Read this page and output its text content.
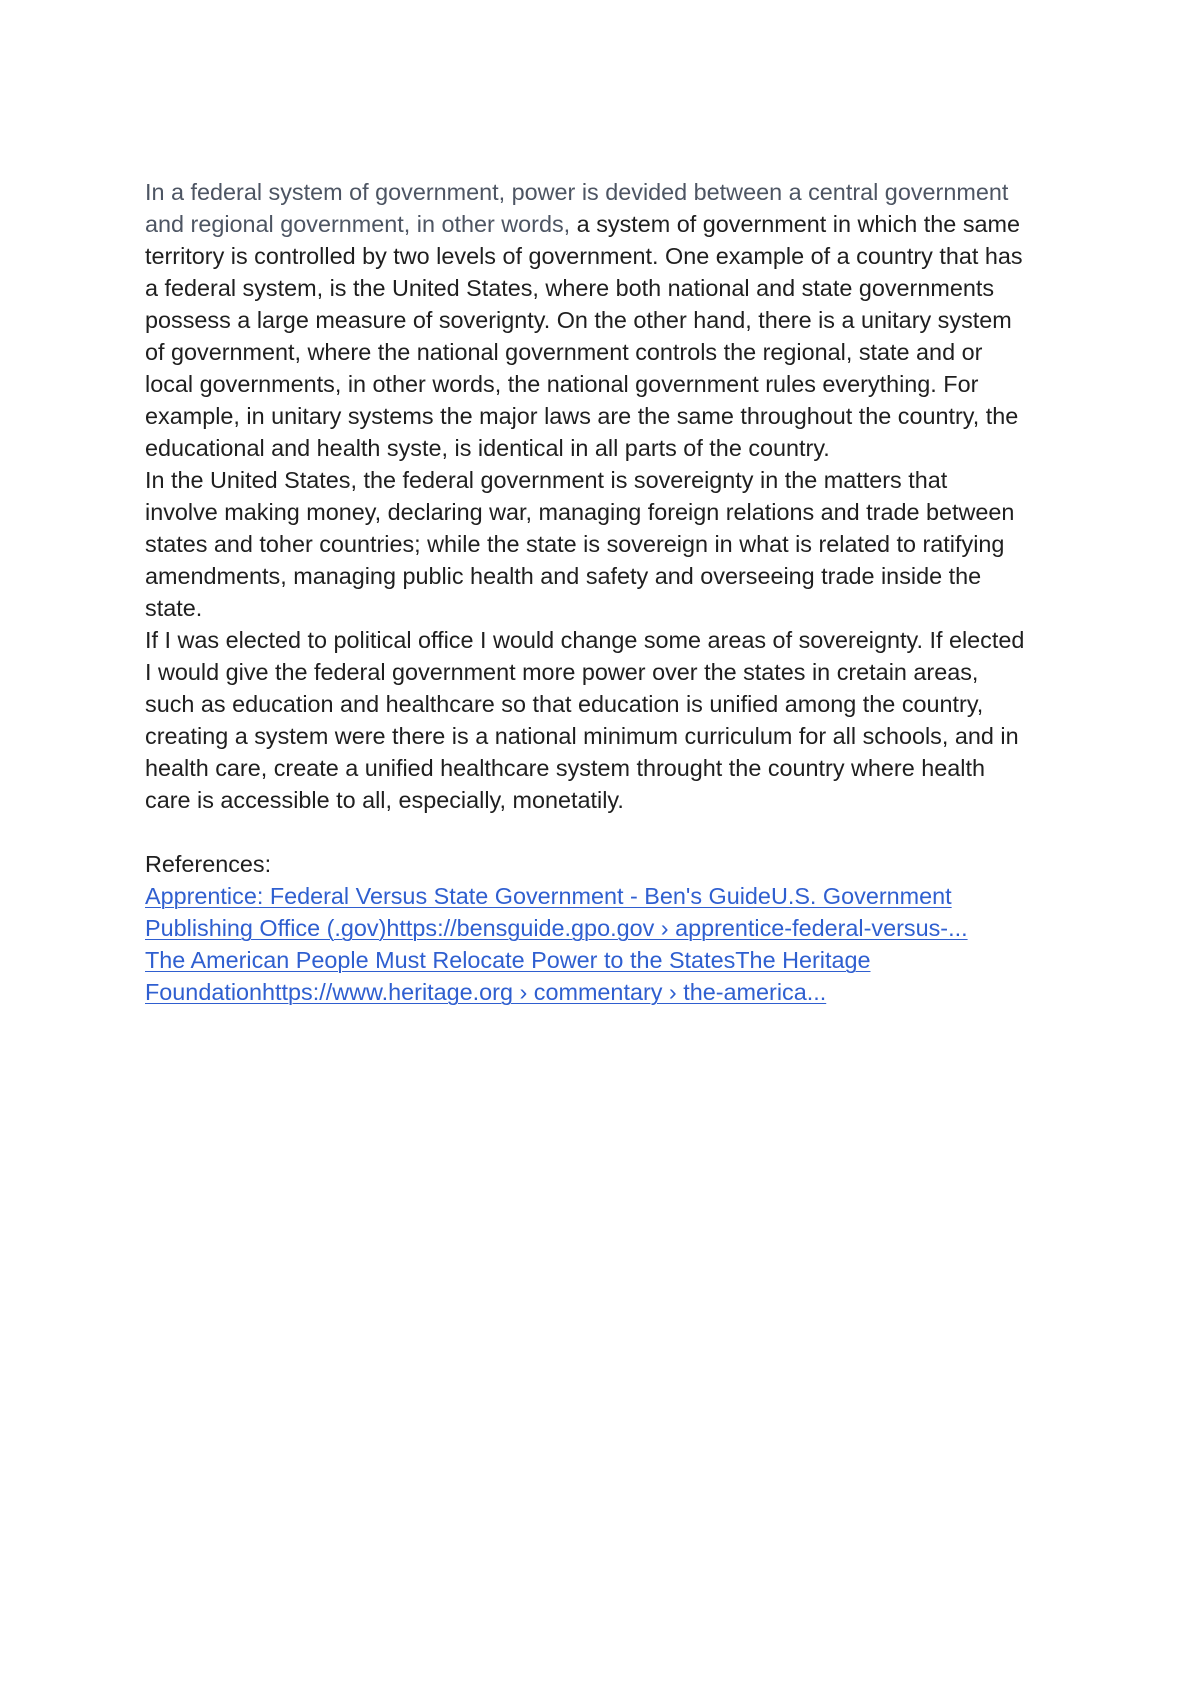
In a federal system of government, power is devided between a central government
and regional government, in other words, a system of government in which the same
territory is controlled by two levels of government. One example of a country that has
a federal system, is the United States, where both national and state governments
possess a large measure of soverignty. On the other hand, there is a unitary system
of government, where the national government controls the regional, state and or
local governments, in other words, the national government rules everything. For
example, in unitary systems the major laws are the same throughout the country, the
educational and health syste, is identical in all parts of the country.
In the United States, the federal government is sovereignty in the matters that
involve making money, declaring war, managing foreign relations and trade between
states and toher countries; while the state is sovereign in what is related to ratifying
amendments, managing public health and safety and overseeing trade inside the
state.
If I was elected to political office I would change some areas of sovereignty. If elected
I would give the federal government more power over the states in cretain areas,
such as education and healthcare so that education is unified among the country,
creating a system were there is a national minimum curriculum for all schools, and in
health care, create a unified healthcare system throught the country where health
care is accessible to all, especially, monetatily.
References:
Apprentice: Federal Versus State Government - Ben's GuideU.S. Government
Publishing Office (.gov)https://bensguide.gpo.gov › apprentice-federal-versus-...
The American People Must Relocate Power to the StatesThe Heritage
Foundationhttps://www.heritage.org › commentary › the-america...
